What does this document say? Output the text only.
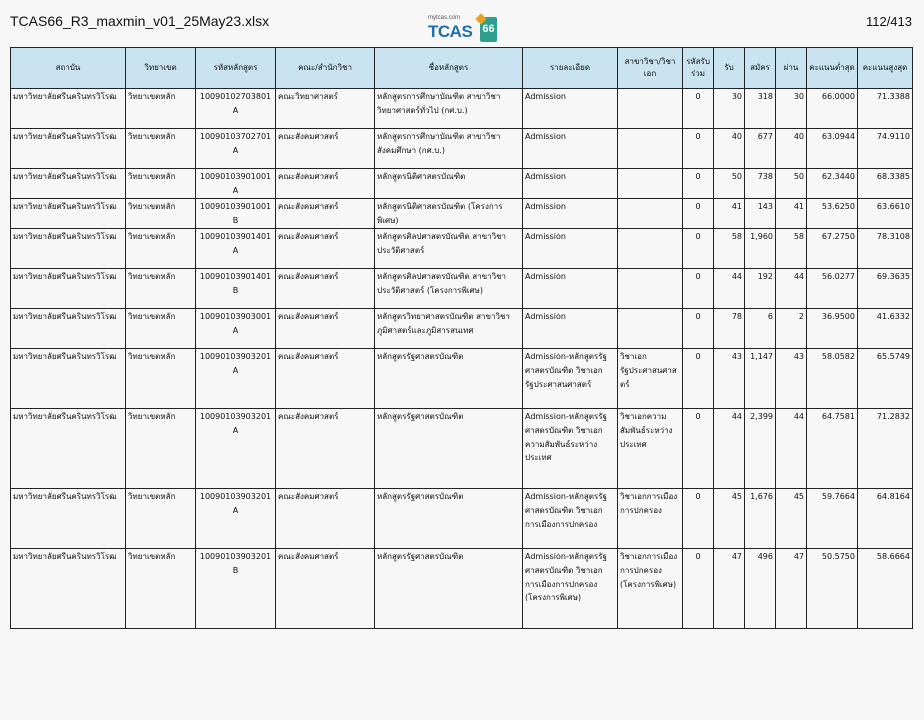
TCAS66_R3_maxmin_v01_25May23.xlsx	mytcas.com
TCAS 66	112/413
สถาบัน	วิทยาเขต	รหัสหลักสูตร	คณะ/สำนักวิชา	ชื่อหลักสูตร	รายละเอียด	สาขาวิชา/วิชาเอก	รหัสรับร่วม	รับ	สมัคร	ผ่าน	คะแนนต่ำสุด	คะแนนสูงสุด
มหาวิทยาลัยศรีนครินทรวิโรฒ	วิทยาเขตหลัก	10090102703801A	คณะวิทยาศาสตร์	หลักสูตรการศึกษาบัณฑิต สาขาวิชาวิทยาศาสตร์ทั่วไป (กศ.บ.)	Admission		0	30	318	30	66.0000	71.3388
มหาวิทยาลัยศรีนครินทรวิโรฒ	วิทยาเขตหลัก	10090103702701A	คณะสังคมศาสตร์	หลักสูตรการศึกษาบัณฑิต สาขาวิชาสังคมศึกษา (กศ.บ.)	Admission		0	40	677	40	63.0944	74.9110
มหาวิทยาลัยศรีนครินทรวิโรฒ	วิทยาเขตหลัก	10090103901001A	คณะสังคมศาสตร์	หลักสูตรนิติศาสตรบัณฑิต	Admission		0	50	738	50	62.3440	68.3385
มหาวิทยาลัยศรีนครินทรวิโรฒ	วิทยาเขตหลัก	10090103901001B	คณะสังคมศาสตร์	หลักสูตรนิติศาสตรบัณฑิต (โครงการพิเศษ)	Admission		0	41	143	41	53.6250	63.6610
มหาวิทยาลัยศรีนครินทรวิโรฒ	วิทยาเขตหลัก	10090103901401A	คณะสังคมศาสตร์	หลักสูตรศิลปศาสตรบัณฑิต สาขาวิชาประวัติศาสตร์	Admission		0	58	1,960	58	67.2750	78.3108
มหาวิทยาลัยศรีนครินทรวิโรฒ	วิทยาเขตหลัก	10090103901401B	คณะสังคมศาสตร์	หลักสูตรศิลปศาสตรบัณฑิต สาขาวิชาประวัติศาสตร์ (โครงการพิเศษ)	Admission		0	44	192	44	56.0277	69.3635
มหาวิทยาลัยศรีนครินทรวิโรฒ	วิทยาเขตหลัก	10090103903001A	คณะสังคมศาสตร์	หลักสูตรวิทยาศาสตรบัณฑิต สาขาวิชาภูมิศาสตร์และภูมิสารสนเทศ	Admission		0	78	6	2	36.9500	41.6332
มหาวิทยาลัยศรีนครินทรวิโรฒ	วิทยาเขตหลัก	10090103903201A	คณะสังคมศาสตร์	หลักสูตรรัฐศาสตรบัณฑิต	Admission-หลักสูตรรัฐศาสตรบัณฑิต วิชาเอกรัฐประศาสนศาสตร์	วิชาเอกรัฐประศาสนศาสตร์	0	43	1,147	43	58.0582	65.5749
มหาวิทยาลัยศรีนครินทรวิโรฒ	วิทยาเขตหลัก	10090103903201A	คณะสังคมศาสตร์	หลักสูตรรัฐศาสตรบัณฑิต	Admission-หลักสูตรรัฐศาสตรบัณฑิต วิชาเอกความสัมพันธ์ระหว่างประเทศ	วิชาเอกความสัมพันธ์ระหว่างประเทศ	0	44	2,399	44	64.7581	71.2832
มหาวิทยาลัยศรีนครินทรวิโรฒ	วิทยาเขตหลัก	10090103903201A	คณะสังคมศาสตร์	หลักสูตรรัฐศาสตรบัณฑิต	Admission-หลักสูตรรัฐศาสตรบัณฑิต วิชาเอกการเมืองการปกครอง	วิชาเอกการเมืองการปกครอง	0	45	1,676	45	59.7664	64.8164
มหาวิทยาลัยศรีนครินทรวิโรฒ	วิทยาเขตหลัก	10090103903201B	คณะสังคมศาสตร์	หลักสูตรรัฐศาสตรบัณฑิต	Admission-หลักสูตรรัฐศาสตรบัณฑิต วิชาเอกการเมืองการปกครอง (โครงการพิเศษ)	วิชาเอกการเมืองการปกครอง (โครงการพิเศษ)	0	47	496	47	50.5750	58.6664
